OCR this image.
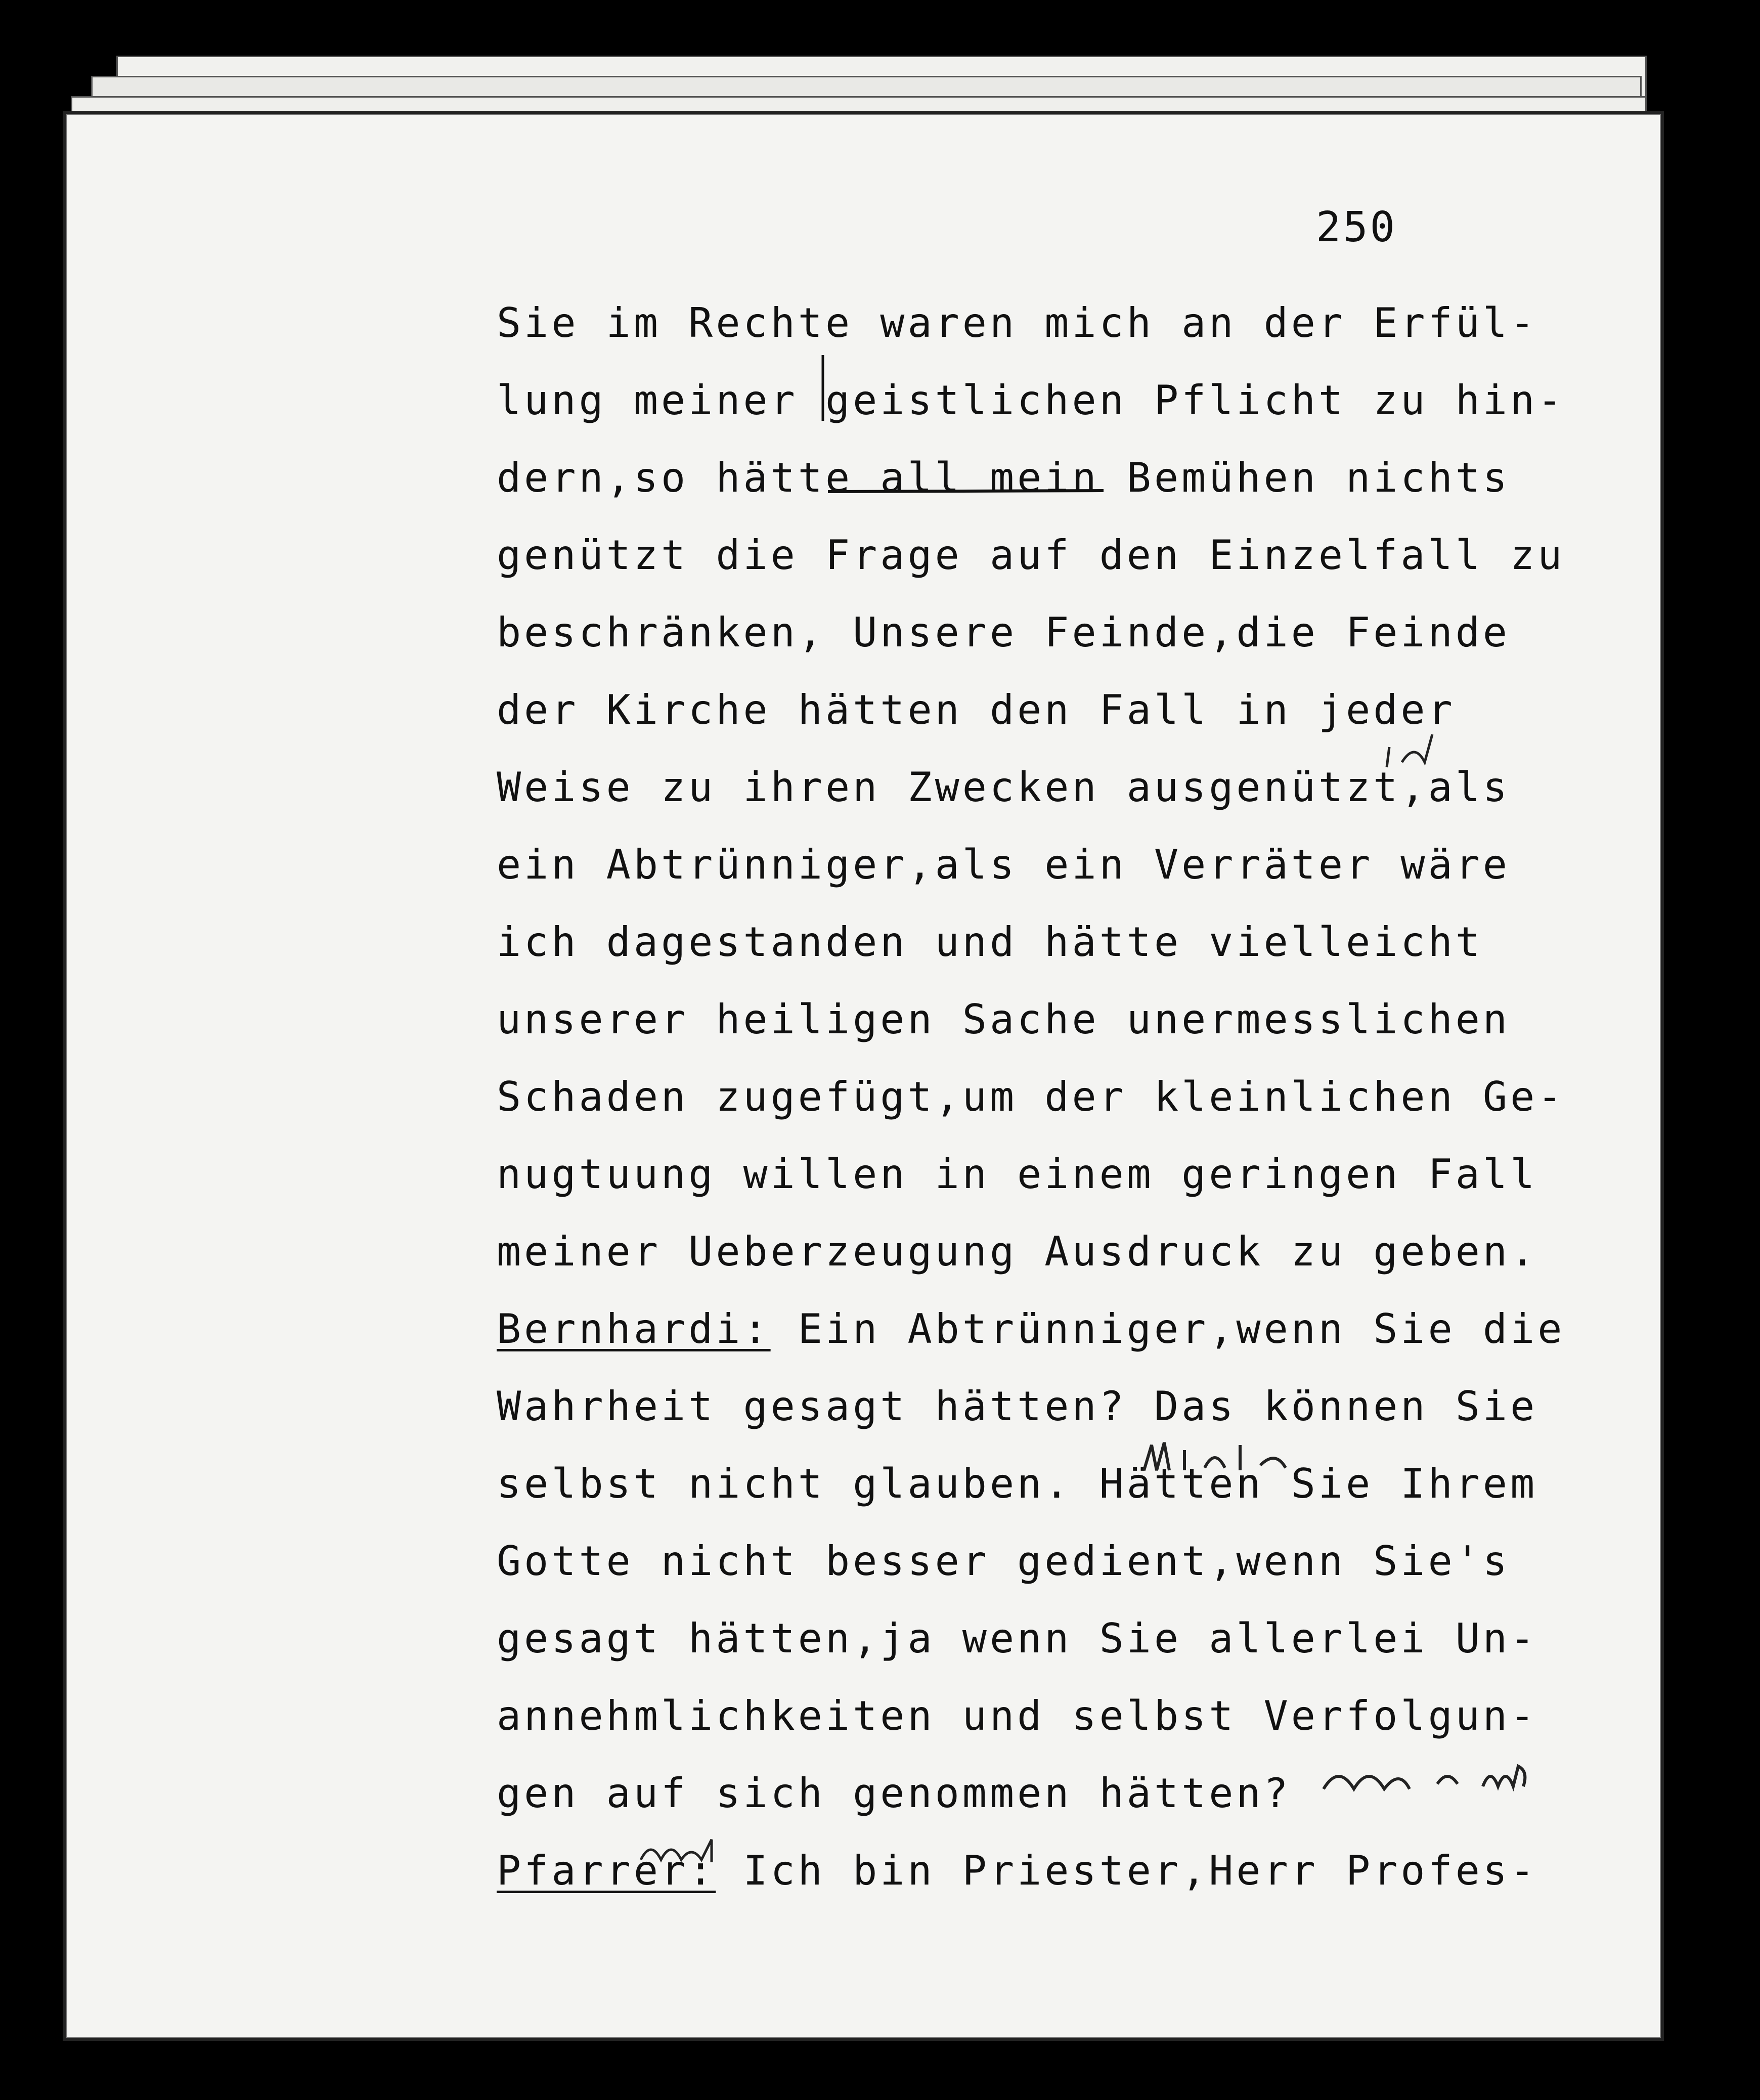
250
Sie im Rechte waren mich an der Erfül-
lung meiner geistlichen Pflicht zu hin-
dern,so hätte all mein Bemühen nichts
genützt die Frage auf den Einzelfall zu
beschränken, Unsere Feinde,die Feinde
der Kirche hätten den Fall in jeder
Weise zu ihren Zwecken ausgenützt,als
ein Abtrünniger,als ein Verräter wäre
ich dagestanden und hätte vielleicht
unserer heiligen Sache unermesslichen
Schaden zugefügt,um der kleinlichen Ge-
nugtuung willen in einem geringen Fall
meiner Ueberzeugung Ausdruck zu geben.
Bernhardi: Ein Abtrünniger,wenn Sie die
Wahrheit gesagt hätten? Das können Sie
selbst nicht glauben. Hätten Sie Ihrem
Gotte nicht besser gedient,wenn Sie's
gesagt hätten,ja wenn Sie allerlei Un-
annehmlichkeiten und selbst Verfolgun-
gen auf sich genommen hätten?
Pfarrer: Ich bin Priester,Herr Profes-
